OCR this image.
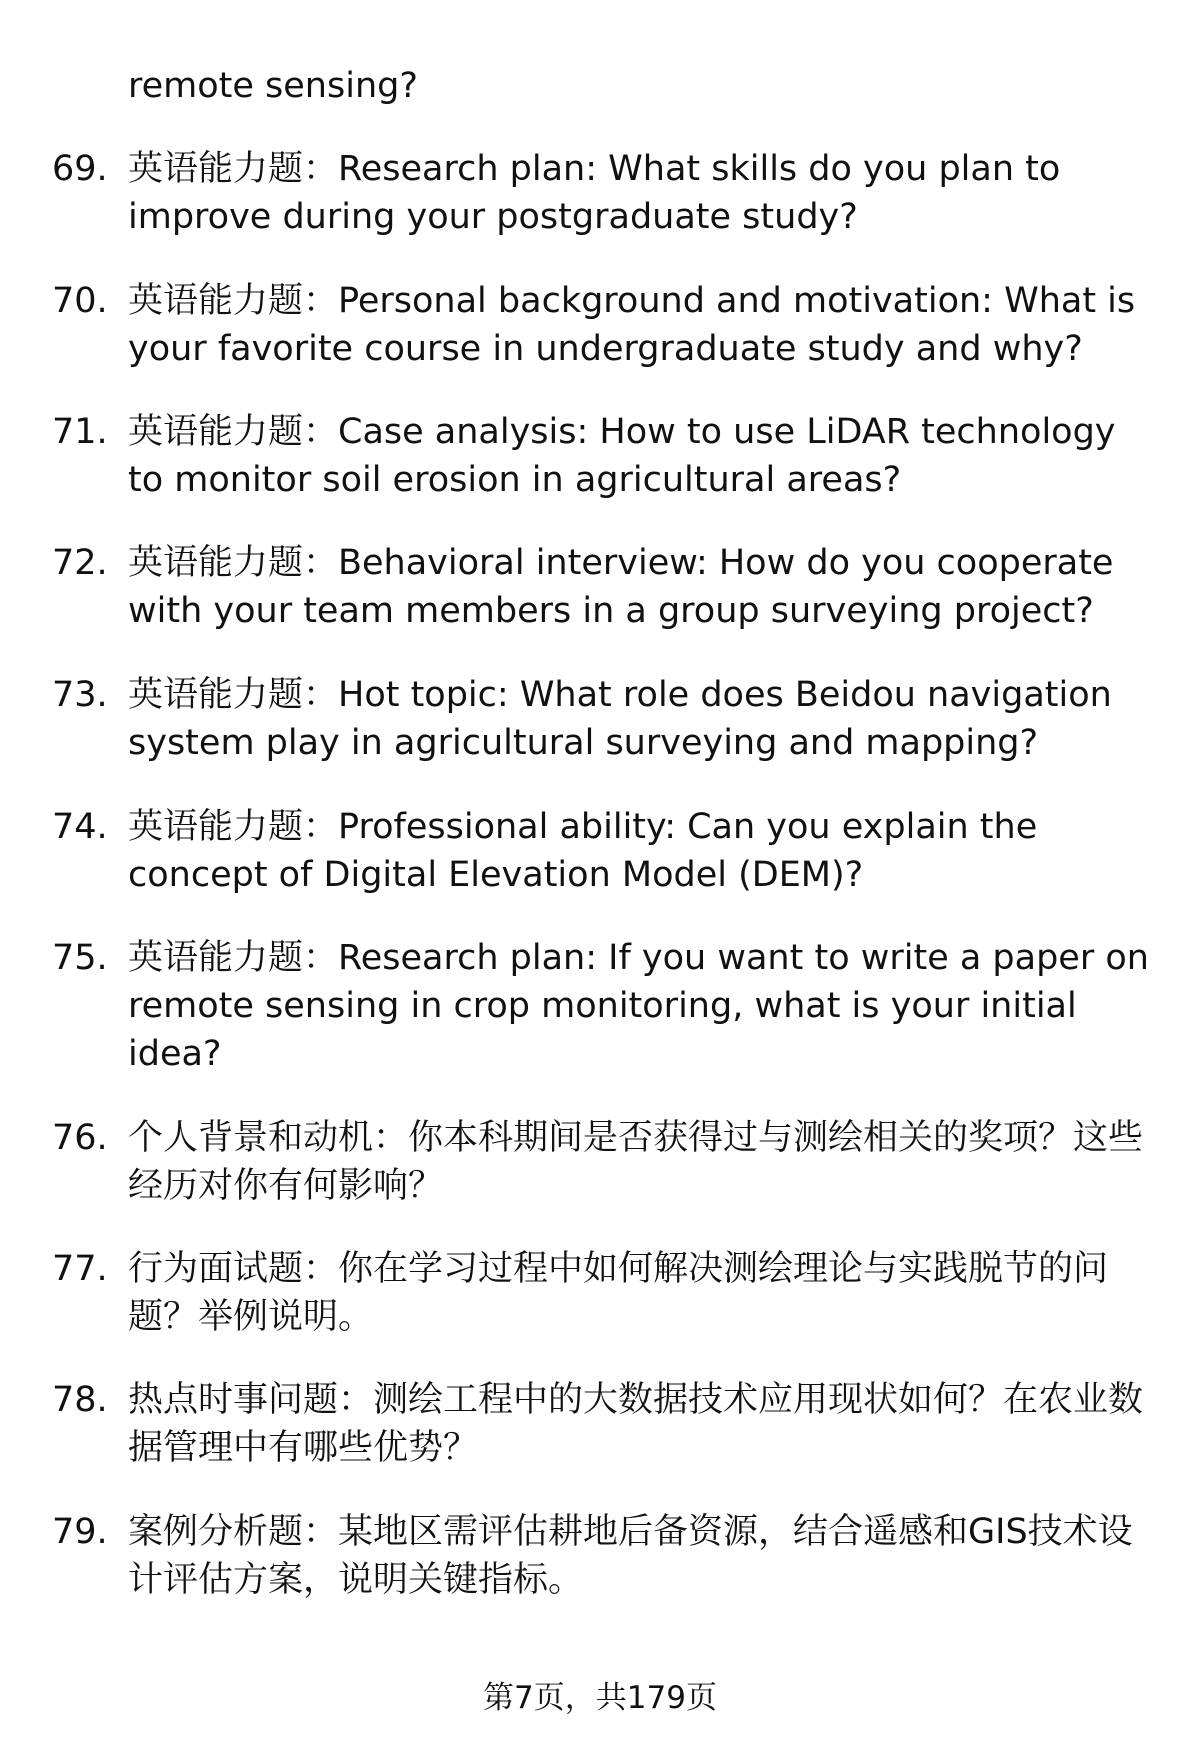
remote sensing?
69. 英语能力题：Research plan: What skills do you plan to improve during your postgraduate study?
70. 英语能力题：Personal background and motivation: What is your favorite course in undergraduate study and why?
71. 英语能力题：Case analysis: How to use LiDAR technology to monitor soil erosion in agricultural areas?
72. 英语能力题：Behavioral interview: How do you cooperate with your team members in a group surveying project?
73. 英语能力题：Hot topic: What role does Beidou navigation system play in agricultural surveying and mapping?
74. 英语能力题：Professional ability: Can you explain the concept of Digital Elevation Model (DEM)?
75. 英语能力题：Research plan: If you want to write a paper on remote sensing in crop monitoring, what is your initial idea?
76. 个人背景和动机：你本科期间是否获得过与测绘相关的奖项？这些经历对你有何影响？
77. 行为面试题：你在学习过程中如何解决测绘理论与实践脱节的问题？举例说明。
78. 热点时事问题：测绘工程中的大数据技术应用现状如何？在农业数据管理中有哪些优势？
79. 案例分析题：某地区需评估耕地后备资源，结合遥感和GIS技术设计评估方案，说明关键指标。
第7页，共179页
